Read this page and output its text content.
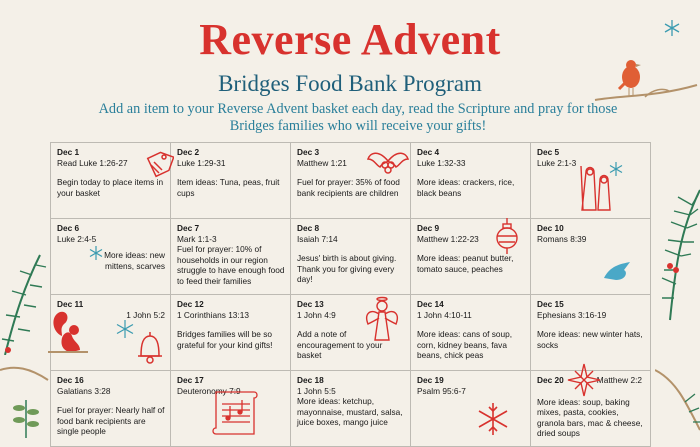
Reverse Advent
Bridges Food Bank Program
Add an item to your Reverse Advent basket each day, read the Scripture and pray for those Bridges families who will receive your gifts!
Dec 1
Read Luke 1:26-27
Begin today to place items in your basket
Dec 2
Luke 1:29-31
Item ideas: Tuna, peas, fruit cups
Dec 3
Matthew 1:21
Fuel for prayer: 35% of food bank recipients are children
Dec 4
Luke 1:32-33
More ideas: crackers, rice, black beans
Dec 5
Luke 2:1-3
Dec 6
Luke 2:4-5
More ideas: new mittens, scarves
Dec 7
Mark 1:1-3
Fuel for prayer: 10% of households in our region struggle to have enough food to feed their families
Dec 8
Isaiah 7:14
Jesus' birth is about giving. Thank you for giving every day!
Dec 9
Matthew 1:22-23
More ideas: peanut butter, tomato sauce, peaches
Dec 10
Romans 8:39
Dec 11
1 John 5:2
Dec 12
1 Corinthians 13:13
Bridges families will be so grateful for your kind gifts!
Dec 13
1 John 4:9
Add a note of encouragement to your basket
Dec 14
1 John 4:10-11
More ideas: cans of soup, corn, kidney beans, fava beans, chick peas
Dec 15
Ephesians 3:16-19
More ideas: new winter hats, socks
Dec 16
Galatians 3:28
Fuel for prayer: Nearly half of food bank recipients are single people
Dec 17
Deuteronomy 7:9
Dec 18
1 John 5:5
More ideas: ketchup, mayonnaise, mustard, salsa, juice boxes, mango juice
Dec 19
Psalm 95:6-7
Dec 20	Matthew 2:2
More ideas: soup, baking mixes, pasta, cookies, granola bars, mac & cheese, dried soups
